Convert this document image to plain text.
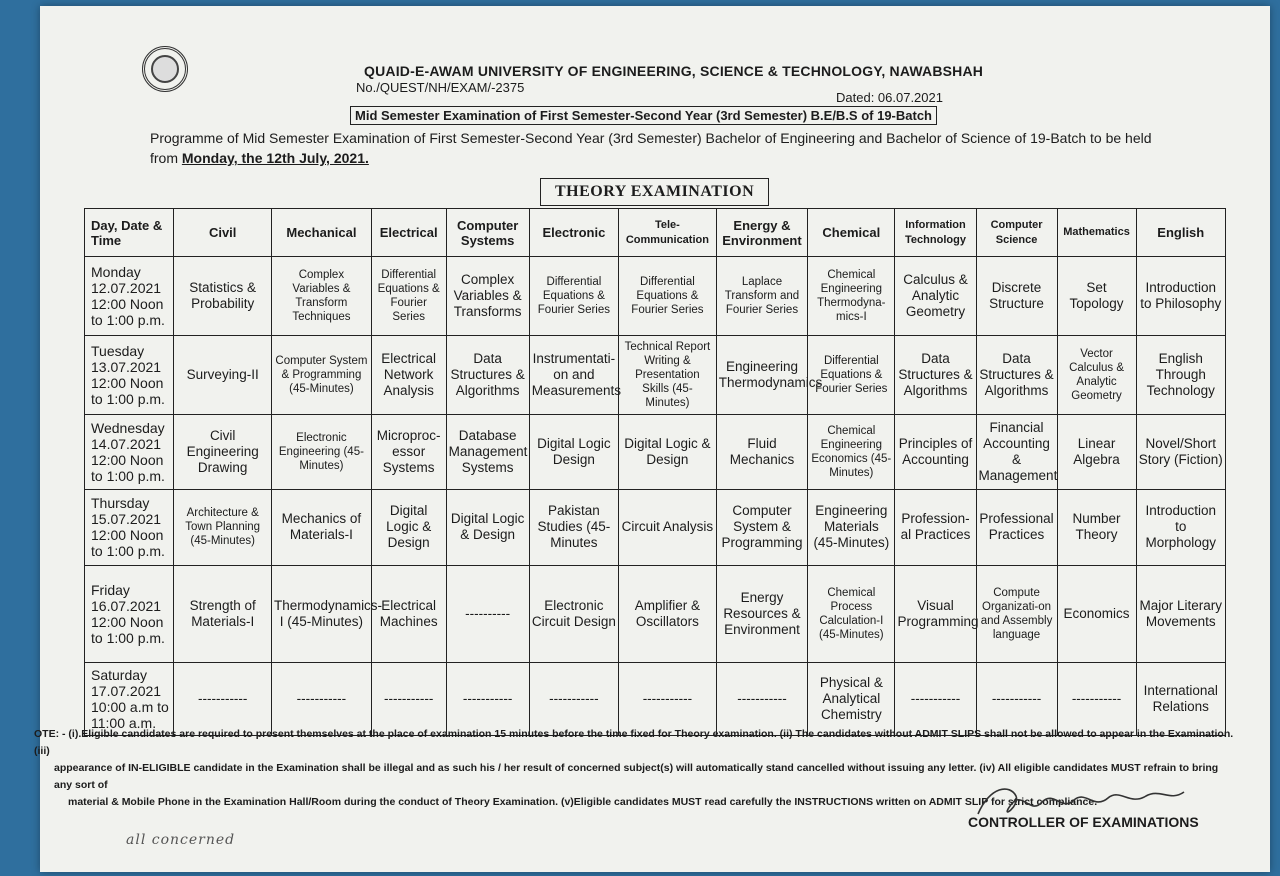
QUAID-E-AWAM UNIVERSITY OF ENGINEERING, SCIENCE & TECHNOLOGY, NAWABSHAH
No./QUEST/NH/EXAM/-2375
Dated: 06.07.2021
Mid Semester Examination of First Semester-Second Year (3rd Semester) B.E/B.S of 19-Batch
Programme of Mid Semester Examination of First Semester-Second Year (3rd Semester) Bachelor of Engineering and Bachelor of Science of 19-Batch to be held from Monday, the 12th July, 2021.
THEORY EXAMINATION
Day, Date & Time	Civil	Mechanical	Electrical	Computer Systems	Electronic	Tele-Communication	Energy & Environment	Chemical	Information Technology	Computer Science	Mathematics	English
Monday
12.07.2021
12:00 Noon
to 1:00 p.m.	Statistics & Probability	Complex Variables & Transform Techniques	Differential Equations & Fourier Series	Complex Variables & Transforms	Differential Equations & Fourier Series	Differential Equations & Fourier Series	Laplace Transform and Fourier Series	Chemical Engineering Thermodyna-mics-I	Calculus & Analytic Geometry	Discrete Structure	Set Topology	Introduction to Philosophy
Tuesday
13.07.2021
12:00 Noon
to 1:00 p.m.	Surveying-II	Computer System & Programming (45-Minutes)	Electrical Network Analysis	Data Structures & Algorithms	Instrumentati-on and Measurements	Technical Report Writing & Presentation Skills (45-Minutes)	Engineering Thermodynamics	Differential Equations & Fourier Series	Data Structures & Algorithms	Data Structures & Algorithms	Vector Calculus & Analytic Geometry	English Through Technology
Wednesday
14.07.2021
12:00 Noon
to 1:00 p.m.	Civil Engineering Drawing	Electronic Engineering (45-Minutes)	Microproc-essor Systems	Database Management Systems	Digital Logic Design	Digital Logic & Design	Fluid Mechanics	Chemical Engineering Economics (45-Minutes)	Principles of Accounting	Financial Accounting & Management	Linear Algebra	Novel/Short Story (Fiction)
Thursday
15.07.2021
12:00 Noon
to 1:00 p.m.	Architecture & Town Planning (45-Minutes)	Mechanics of Materials-I	Digital Logic & Design	Digital Logic & Design	Pakistan Studies (45-Minutes	Circuit Analysis	Computer System & Programming	Engineering Materials (45-Minutes)	Profession-al Practices	Professional Practices	Number Theory	Introduction to Morphology
Friday
16.07.2021
12:00 Noon
to 1:00 p.m.	Strength of Materials-I	Thermodynamics-I (45-Minutes)	Electrical Machines	----------	Electronic Circuit Design	Amplifier & Oscillators	Energy Resources & Environment	Chemical Process Calculation-I (45-Minutes)	Visual Programming	Compute Organizati-on and Assembly language	Economics	Major Literary Movements
Saturday
17.07.2021
10:00 a.m to
11:00 a.m.	-----------	-----------	-----------	-----------	-----------	-----------	-----------	Physical & Analytical Chemistry	-----------	-----------	-----------	International Relations
OTE: - (i).Eligible candidates are required to present themselves at the place of examination 15 minutes before the time fixed for Theory examination. (ii) The candidates without ADMIT SLIPS shall not be allowed to appear in the Examination.(iii)
appearance of IN-ELIGIBLE candidate in the Examination shall be illegal and as such his / her result of concerned subject(s) will automatically stand cancelled without issuing any letter. (iv) All eligible candidates MUST refrain to bring any sort of
material & Mobile Phone in the Examination Hall/Room during the conduct of Theory Examination. (v)Eligible candidates MUST read carefully the INSTRUCTIONS written on ADMIT SLIP for strict compliance.
CONTROLLER OF EXAMINATIONS
all concerned
